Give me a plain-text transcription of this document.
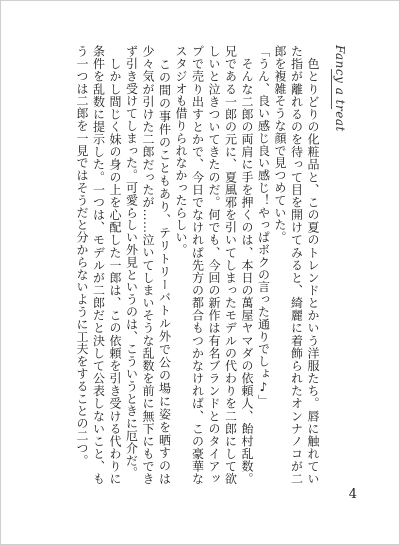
Fancy a treat

　色とりどりの化粧品と、この夏のトレンドとかいう洋服たち。唇に触れていた指が離れるのを待って目を開けてみると、綺麗に着飾られたオンナノコが二郎を複雑そうな顔で見つめていた。

「うん、良い感じ良い感じ！やっぱボクの言った通りでしょ♪」

　そんな二郎の両肩に手を押くのは、本日の萬屋ヤマダの依頼人、飴村乱数。兄である一郎の元に、夏風邪を引いてしまったモデルの代わりを二郎にして欲しいと泣きついてきたのだ。何でも、今回の新作は有名ブランドとのタイアップで売り出すとかで、今日でなければ先方の都合もつかなければ、この豪華なスタジオも借りられなかったらしい。

　この間の事件のこともあり、テリトリーバトル外で公の場に姿を晒すのは少々気が引けた二郎だったが……泣いてしまいそうな乱数を前に無下にもできず引き受けてしまった。可愛らしい外見というのは、こういうときに厄介だ。

　しかし間じく妹の身の上を心配した一郎は、この依頼を引き受ける代わりに条件を乱数に提示した。一つは、モデルが二郎だと決して公表しないこと、もう一つは二郎を一見ではそうだと分からないように工夫をすることの二つ。

4
